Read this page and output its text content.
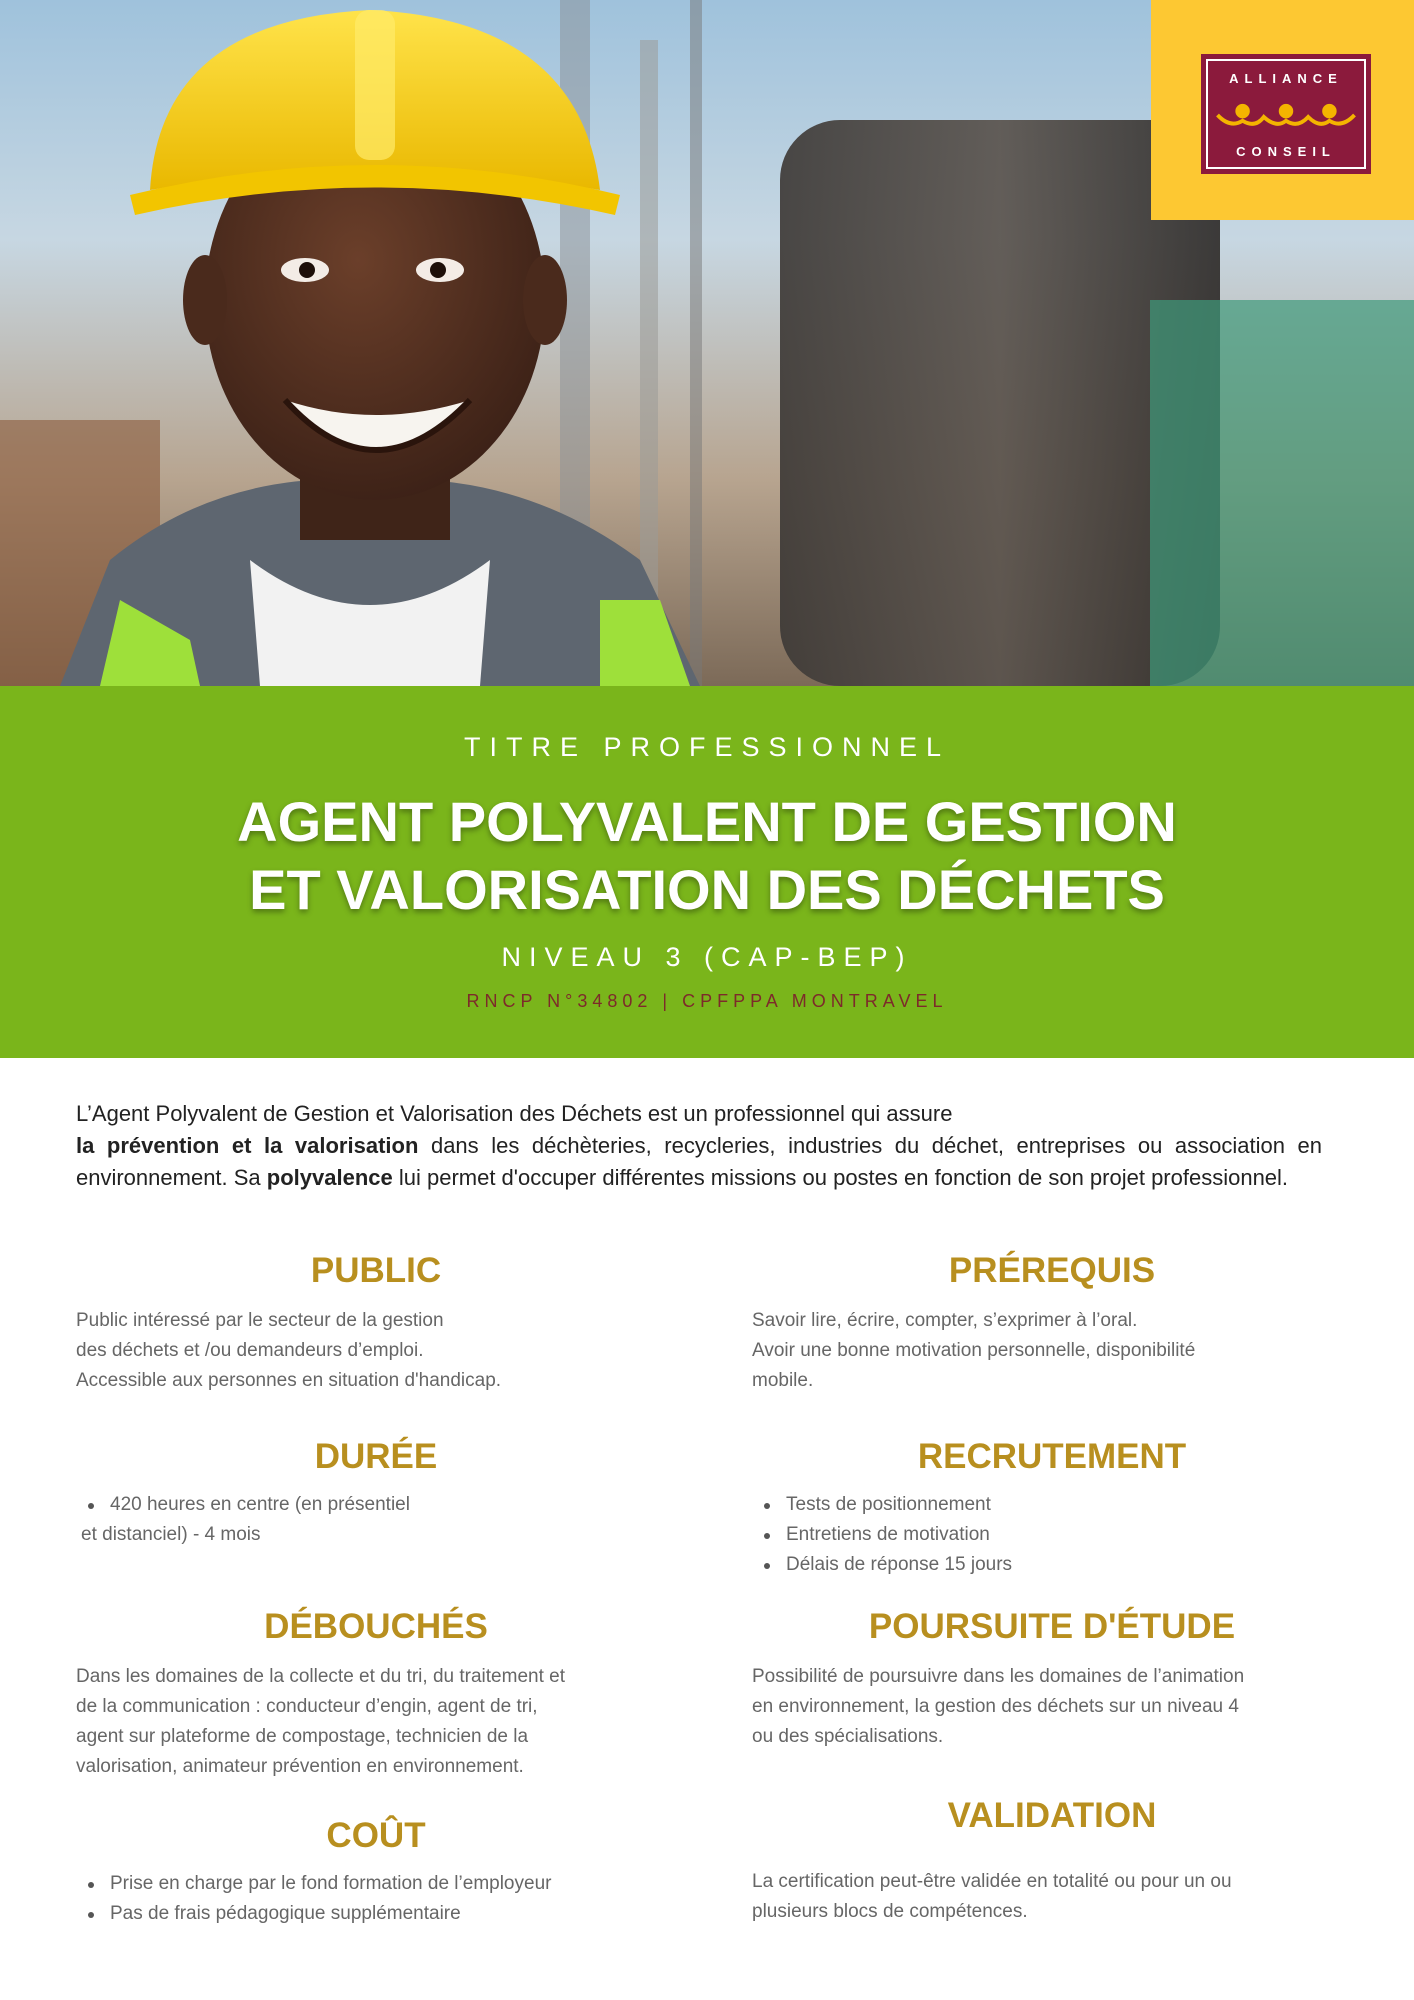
ALLIANCE
CONSEIL
TITRE PROFESSIONNEL
AGENT POLYVALENT DE GESTION
ET VALORISATION DES DÉCHETS
NIVEAU 3 (CAP-BEP)
RNCP N°34802 | CPFPPA MONTRAVEL
L’Agent Polyvalent de Gestion et Valorisation des Déchets est un professionnel qui assure
la prévention et la valorisation dans les déchèteries, recycleries, industries du déchet, entreprises ou association en environnement. Sa polyvalence lui permet d'occuper différentes missions ou postes en fonction de son projet professionnel.
PUBLIC

Public intéressé par le secteur de la gestion
des déchets et /ou demandeurs d’emploi.
Accessible aux personnes en situation d'handicap.

PRÉREQUIS

Savoir lire, écrire, compter, s’exprimer à l’oral.
Avoir une bonne motivation personnelle, disponibilité
mobile.

DURÉE
420 heures en centre (en présentiel
et distanciel) - 4 mois
RECRUTEMENT
Tests de positionnement
Entretiens de motivation
Délais de réponse 15 jours
DÉBOUCHÉS

Dans les domaines de la collecte et du tri, du traitement et
de la communication : conducteur d’engin, agent de tri,
agent sur plateforme de compostage, technicien de la
valorisation, animateur prévention en environnement.

POURSUITE D'ÉTUDE

Possibilité de poursuivre dans les domaines de l’animation
en environnement, la gestion des déchets sur un niveau 4
ou des spécialisations.

COÛT
Prise en charge par le fond formation de l’employeur
Pas de frais pédagogique supplémentaire
VALIDATION

La certification peut-être validée en totalité ou pour un ou
plusieurs blocs de compétences.
